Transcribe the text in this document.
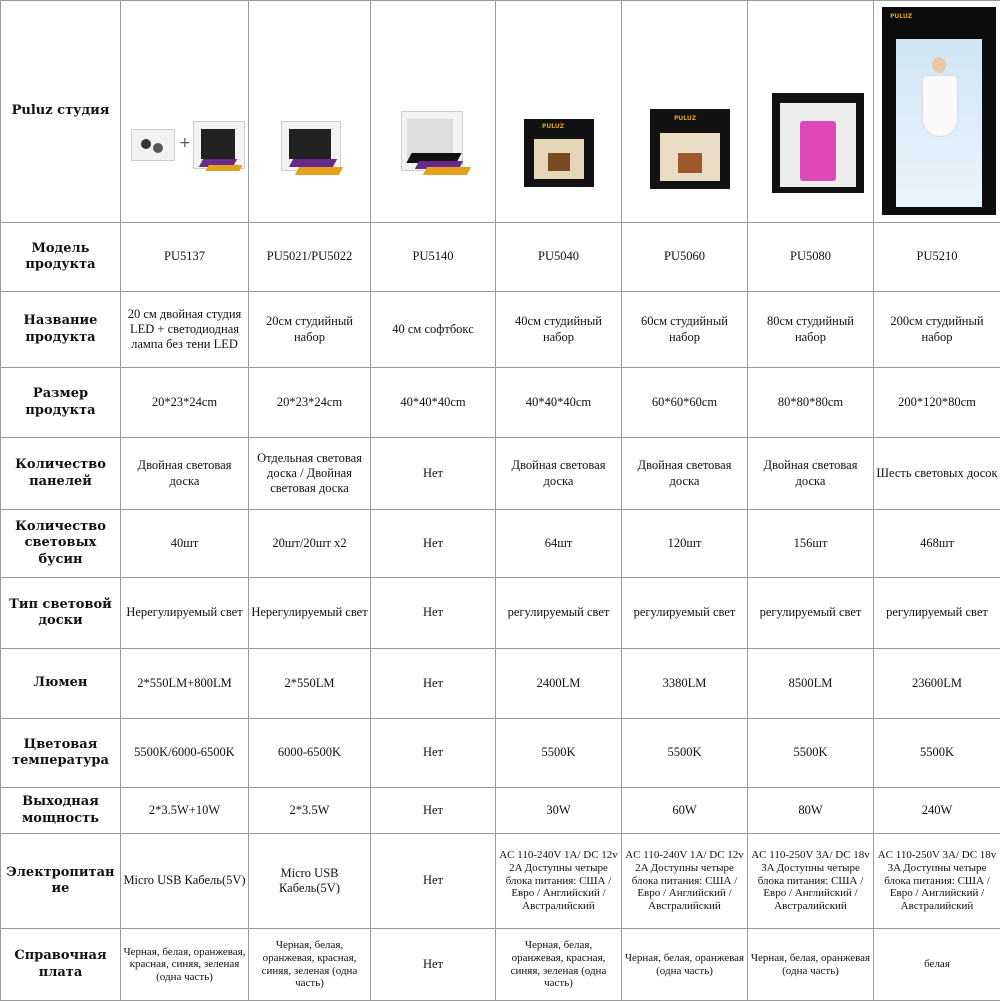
Puluz студия	+			PULUZ	PULUZ		PULUZ

Модель продукта	PU5137	PU5021/PU5022	PU5140	PU5040	PU5060	PU5080	PU5210
Название продукта	20 см двойная студия LED + светодиодная лампа без тени LED	20см студийный набор	40 см софтбокс	40см студийный набор	60см студийный набор	80см студийный набор	200см студийный набор
Размер продукта	20*23*24cm	20*23*24cm	40*40*40cm	40*40*40cm	60*60*60cm	80*80*80cm	200*120*80cm
Количество панелей	Двойная световая доска	Отдельная световая доска / Двойная световая доска	Нет	Двойная световая доска	Двойная световая доска	Двойная световая доска	Шесть световых досок
Количество световых бусин	40шт	20шт/20шт x2	Нет	64шт	120шт	156шт	468шт
Тип световой доски	Нерегулируемый свет	Нерегулируемый свет	Нет	регулируемый свет	регулируемый свет	регулируемый свет	регулируемый свет
Люмен	2*550LM+800LM	2*550LM	Нет	2400LM	3380LM	8500LM	23600LM
Цветовая температура	5500K/6000-6500K	6000-6500K	Нет	5500K	5500K	5500K	5500K
Выходная мощность	2*3.5W+10W	2*3.5W	Нет	30W	60W	80W	240W
Электропитание	Micro USB Кабель(5V)	Micro USB Кабель(5V)	Нет	AC 110-240V 1A/ DC 12v 2A Доступны четыре блока питания: США / Евро / Английский / Австралийский	AC 110-240V 1A/ DC 12v 2A Доступны четыре блока питания: США / Евро / Английский / Австралийский	AC 110-250V 3A/ DC 18v 3A Доступны четыре блока питания: США / Евро / Английский / Австралийский	AC 110-250V 3A/ DC 18v 3A Доступны четыре блока питания: США / Евро / Английский / Австралийский
Справочная плата	Черная, белая, оранжевая, красная, синяя, зеленая (одна часть)	Черная, белая, оранжевая, красная, синяя, зеленая (одна часть)	Нет	Черная, белая, оранжевая, красная, синяя, зеленая (одна часть)	Черная, белая, оранжевая (одна часть)	Черная, белая, оранжевая (одна часть)	белая
